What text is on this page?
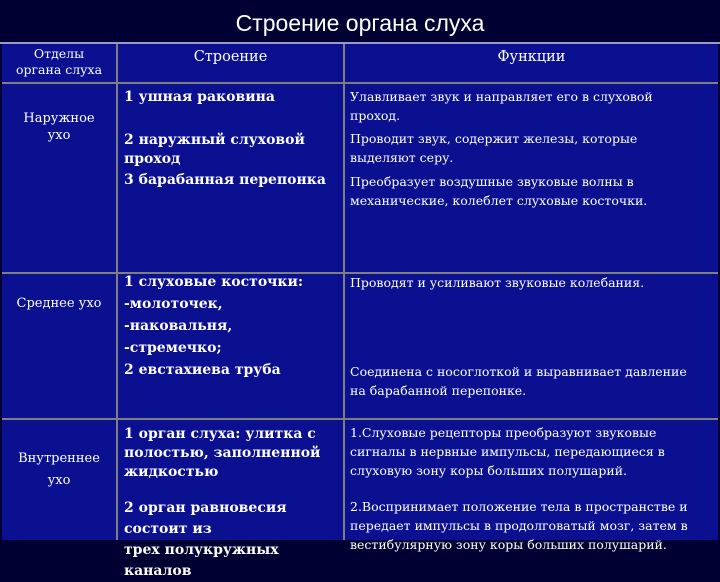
Строение органа слуха
Отделы
органа слуха
Строение	Функции
Наружное
ухо
1 ушная раковина
2 наружный слуховой
проход
3 барабанная перепонка
Улавливает звук и направляет его в слуховой
проход.
Проводит звук, содержит железы, которые
выделяют серу.
Преобразует воздушные звуковые волны в
механические, колеблет слуховые косточки.
Среднее ухо
1 слуховые косточки:
-молоточек,
-наковальня,
-стремечко;
2 евстахиева труба
Проводят и усиливают звуковые колебания.
Соединена с носоглоткой и выравнивает давление
на барабанной перепонке.
Внутреннее
ухо
1 орган слуха: улитка с
полостью, заполненной
жидкостью
2 орган равновесия
состоит из
трех полукружных
каналов
1.Слуховые рецепторы преобразуют звуковые
сигналы в нервные импульсы, передающиеся в
слуховую зону коры больших полушарий.
2.Воспринимает положение тела в пространстве и
передает импульсы в продолговатый мозг, затем в
вестибулярную зону коры больших полушарий.
